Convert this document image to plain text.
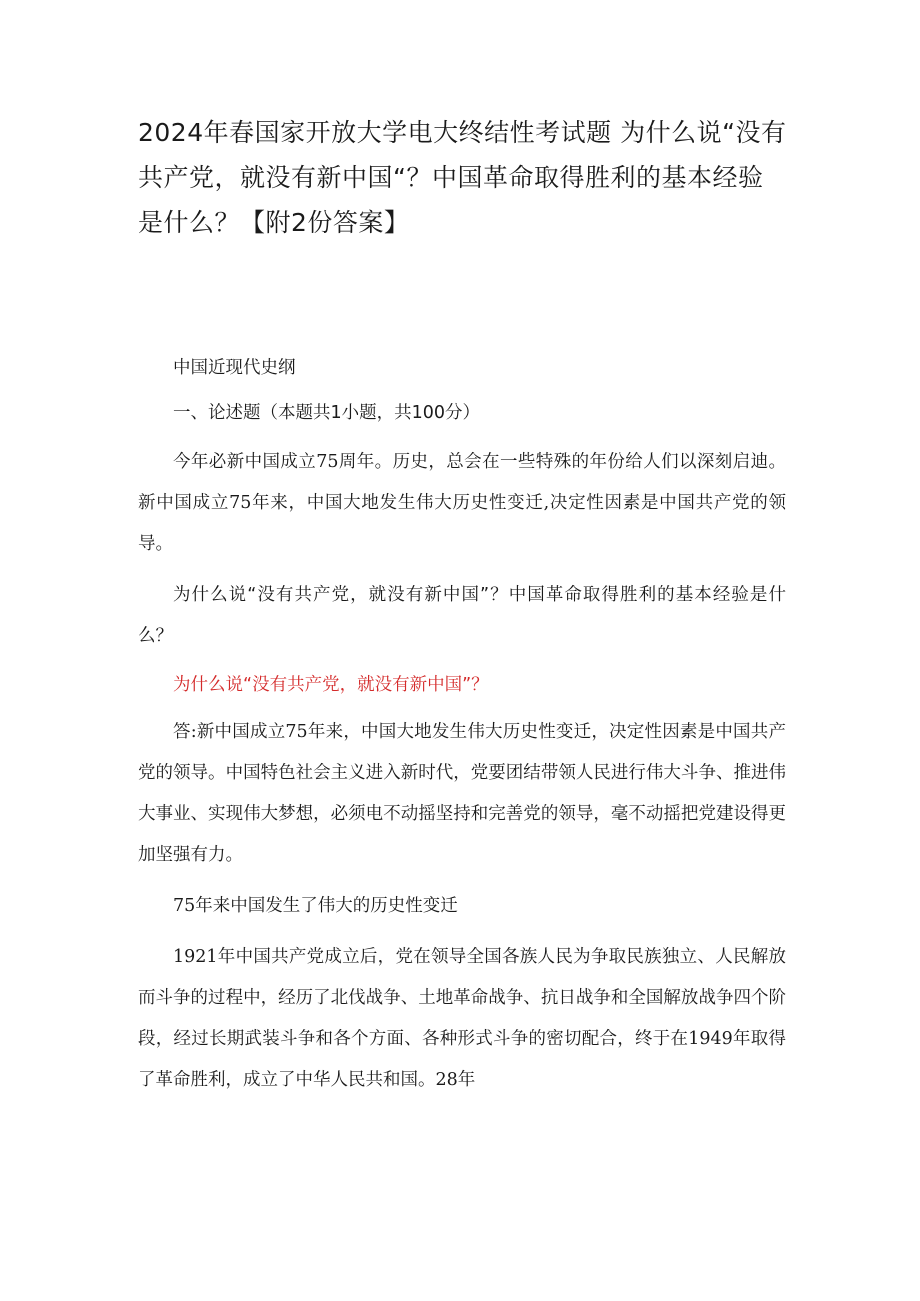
2024年春国家开放大学电大终结性考试题 为什么说“没有共产党，就没有新中国“？中国革命取得胜利的基本经验是什么？【附2份答案】

中国近现代史纲

一、论述题（本题共1小题，共100分）

今年必新中国成立75周年。历史，总会在一些特殊的年份给人们以深刻启迪。新中国成立75年来，中国大地发生伟大历史性变迁,决定性因素是中国共产党的领导。

为什么说“没有共产党，就没有新中国”？中国革命取得胜利的基本经验是什么？

为什么说“没有共产党，就没有新中国”？

答:新中国成立75年来，中国大地发生伟大历史性变迁，决定性因素是中国共产党的领导。中国特色社会主义进入新时代，党要团结带领人民进行伟大斗争、推进伟大事业、实现伟大梦想，必须电不动摇坚持和完善党的领导，毫不动摇把党建设得更加坚强有力。

75年来中国发生了伟大的历史性变迁

1921年中国共产党成立后，党在领导全国各族人民为争取民族独立、人民解放而斗争的过程中，经历了北伐战争、土地革命战争、抗日战争和全国解放战争四个阶段，经过长期武装斗争和各个方面、各种形式斗争的密切配合，终于在1949年取得了革命胜利，成立了中华人民共和国。28年
